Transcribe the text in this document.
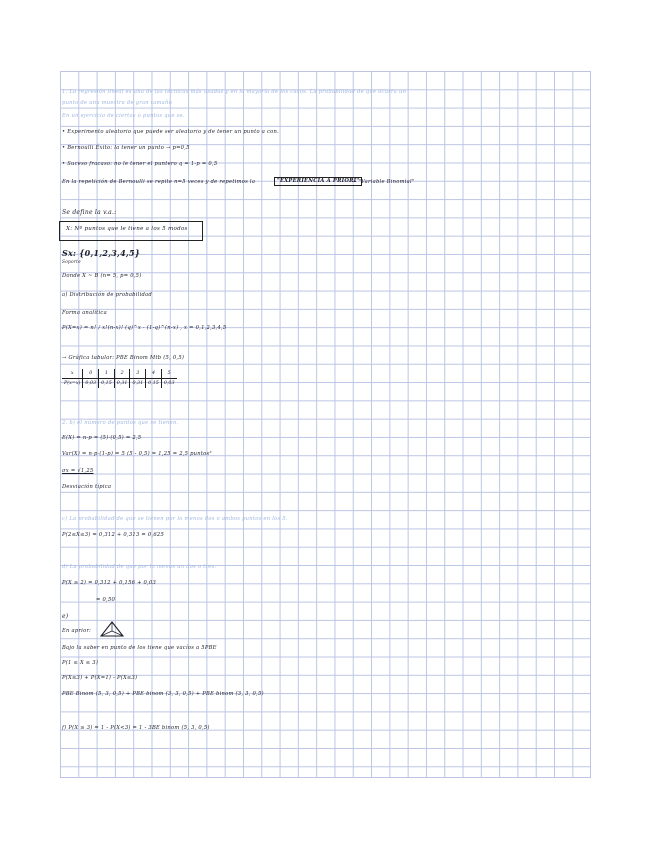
1. La regresión lineal es una de las técnicas más usadas y en la mayoría de los casos. La probabilidad de que ocurra un
punto de una muestra de gran tamaño
En un ejercicio de ciertos o puntos que se.
• Experimento aleatorio que puede ser aleatorio y de tener un punto a con.
• Bernoulli Éxito: la tener un punto → p=0,5
• Suceso fracaso: no le tener el puntero q = 1-p = 0,5
En la repetición de Bernoulli se repite n=5 veces y de repetimos la	"EXPERIENCIA A PRIORI"
→ "Variable Binomial"
Se define la v.a.:
X: Nº puntos que le tiene a los 5 modos
Sx: {0,1,2,3,4,5}
Soporte
Donde X ~ B (n= 5, p= 0,5)
a) Distribución de probabilidad
Forma analítica
P(X=x) = n! / x!(n-x)! (q)^x · (1-q)^(n-x) , x = 0,1,2,3,4,5
→ Gráfica tabular: PBE Binom Mtb (5, 0,5)
x	0	1	2	3	4	5
P(x=x)	0,03	0,15	0,31	0,31	0,15	0,03
2. b) el número de puntos que se tienen.
E(X) = n·p = (5)·(0,5) = 2,5
Var(X) = n·p·(1-p) = 5 (5 - 0,5) = 1,25 = 2,5 puntos²
σx = √1,25
Desviación típica
c) La probabilidad de que se tienen por lo menos dos o ambos puntos en los 5.
P(2≤X≤3) = 0,312 + 0,313 = 0,625
d) La probabilidad de que por lo menos un dos o tres.
P(X ≥ 2) = 0,312 + 0,156 + 0,03
= 0,50
e)
En aprior:
Bajo la saber en punto de los tiene que vacíos a 5PBE
P(1 ≤ X ≤ 3)
P(X≤3) + P(X=1) - P(X≤3)
PBE Binom (5, 3, 0,5) + PBE binom (3, 3, 0,5) + PBE binom (3, 3, 0,5)
f) P(X ≥ 3) = 1 - P(X<3) = 1 - 3BE binom (5, 3, 0,5)
